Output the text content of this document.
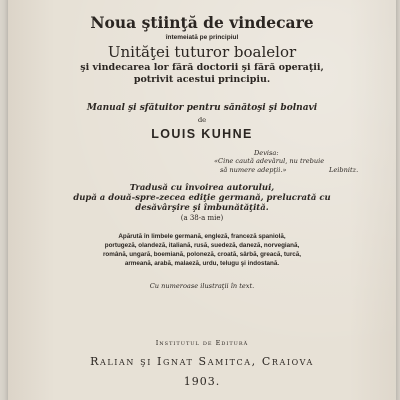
Noua ştiinţă de vindecare
întemeiată pe principiul
Unităţei tuturor boalelor
şi vindecarea lor fără doctorii şi fără operaţii,
potrivit acestui principiu.
Manual şi sfătuitor pentru sănătoşi şi bolnavi
de
LOUIS KUHNE
Devisa:
«Cine caută adevărul, nu trebuie
să numere adepţii.»	Leibnitz.
Tradusă cu învoirea autorului,
după a două-spre-zecea ediţie germană, prelucrată cu
desăvârşire şi îmbunătăţită.
(a 38-a mie)
Apărută în limbele germană, engleză, franceză spaniolă,
portugeză, olandeză, italiană, rusă, suedeză, daneză, norvegiană,
română, ungară, boemiană, poloneză, croată, sârbă, greacă, turcă,
armeană, arabă, malaeză, urdu, telugu şi indostană.
Cu numeroase ilustraţii în text.
Institutul de Editură
Ralian şi Ignat Samitca, Craiova
1903.
